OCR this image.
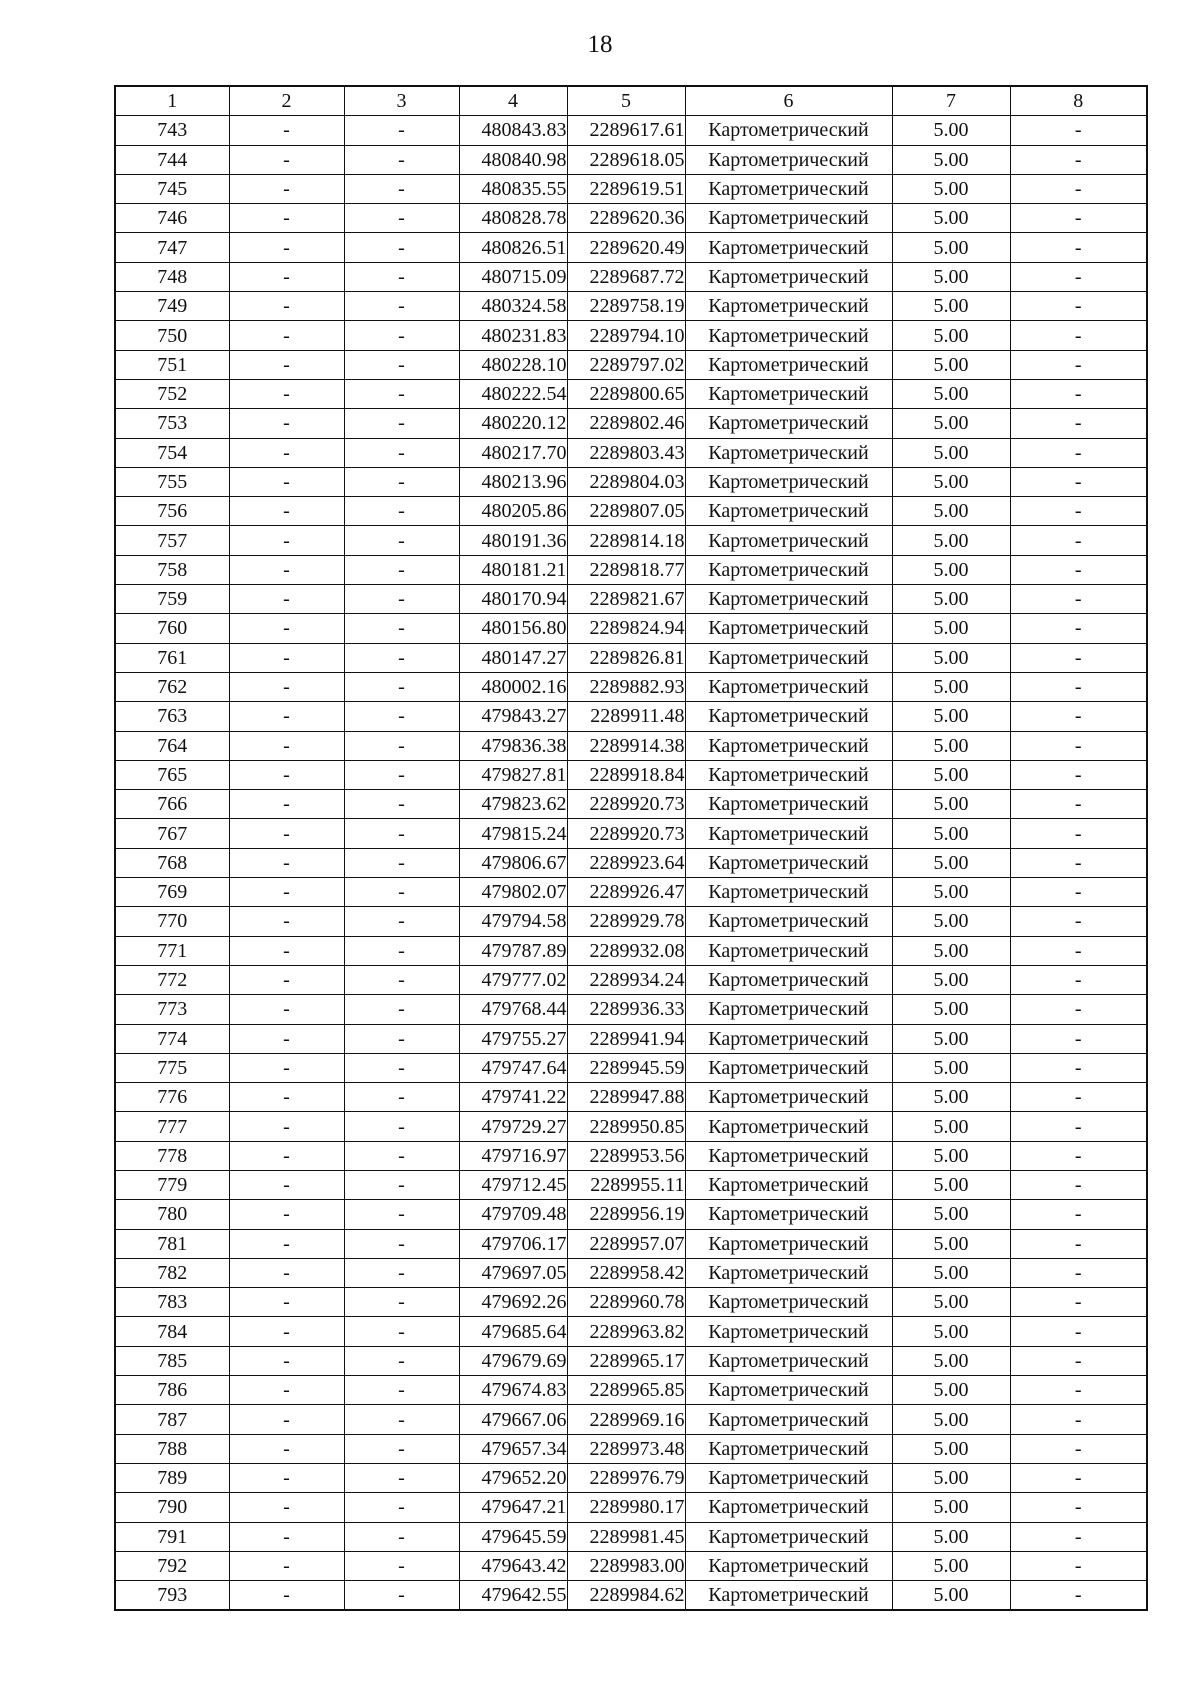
18
1	2	3	4	5	6	7	8
743	-	-	480843.83	2289617.61	Картометрический	5.00	-
744	-	-	480840.98	2289618.05	Картометрический	5.00	-
745	-	-	480835.55	2289619.51	Картометрический	5.00	-
746	-	-	480828.78	2289620.36	Картометрический	5.00	-
747	-	-	480826.51	2289620.49	Картометрический	5.00	-
748	-	-	480715.09	2289687.72	Картометрический	5.00	-
749	-	-	480324.58	2289758.19	Картометрический	5.00	-
750	-	-	480231.83	2289794.10	Картометрический	5.00	-
751	-	-	480228.10	2289797.02	Картометрический	5.00	-
752	-	-	480222.54	2289800.65	Картометрический	5.00	-
753	-	-	480220.12	2289802.46	Картометрический	5.00	-
754	-	-	480217.70	2289803.43	Картометрический	5.00	-
755	-	-	480213.96	2289804.03	Картометрический	5.00	-
756	-	-	480205.86	2289807.05	Картометрический	5.00	-
757	-	-	480191.36	2289814.18	Картометрический	5.00	-
758	-	-	480181.21	2289818.77	Картометрический	5.00	-
759	-	-	480170.94	2289821.67	Картометрический	5.00	-
760	-	-	480156.80	2289824.94	Картометрический	5.00	-
761	-	-	480147.27	2289826.81	Картометрический	5.00	-
762	-	-	480002.16	2289882.93	Картометрический	5.00	-
763	-	-	479843.27	2289911.48	Картометрический	5.00	-
764	-	-	479836.38	2289914.38	Картометрический	5.00	-
765	-	-	479827.81	2289918.84	Картометрический	5.00	-
766	-	-	479823.62	2289920.73	Картометрический	5.00	-
767	-	-	479815.24	2289920.73	Картометрический	5.00	-
768	-	-	479806.67	2289923.64	Картометрический	5.00	-
769	-	-	479802.07	2289926.47	Картометрический	5.00	-
770	-	-	479794.58	2289929.78	Картометрический	5.00	-
771	-	-	479787.89	2289932.08	Картометрический	5.00	-
772	-	-	479777.02	2289934.24	Картометрический	5.00	-
773	-	-	479768.44	2289936.33	Картометрический	5.00	-
774	-	-	479755.27	2289941.94	Картометрический	5.00	-
775	-	-	479747.64	2289945.59	Картометрический	5.00	-
776	-	-	479741.22	2289947.88	Картометрический	5.00	-
777	-	-	479729.27	2289950.85	Картометрический	5.00	-
778	-	-	479716.97	2289953.56	Картометрический	5.00	-
779	-	-	479712.45	2289955.11	Картометрический	5.00	-
780	-	-	479709.48	2289956.19	Картометрический	5.00	-
781	-	-	479706.17	2289957.07	Картометрический	5.00	-
782	-	-	479697.05	2289958.42	Картометрический	5.00	-
783	-	-	479692.26	2289960.78	Картометрический	5.00	-
784	-	-	479685.64	2289963.82	Картометрический	5.00	-
785	-	-	479679.69	2289965.17	Картометрический	5.00	-
786	-	-	479674.83	2289965.85	Картометрический	5.00	-
787	-	-	479667.06	2289969.16	Картометрический	5.00	-
788	-	-	479657.34	2289973.48	Картометрический	5.00	-
789	-	-	479652.20	2289976.79	Картометрический	5.00	-
790	-	-	479647.21	2289980.17	Картометрический	5.00	-
791	-	-	479645.59	2289981.45	Картометрический	5.00	-
792	-	-	479643.42	2289983.00	Картометрический	5.00	-
793	-	-	479642.55	2289984.62	Картометрический	5.00	-
